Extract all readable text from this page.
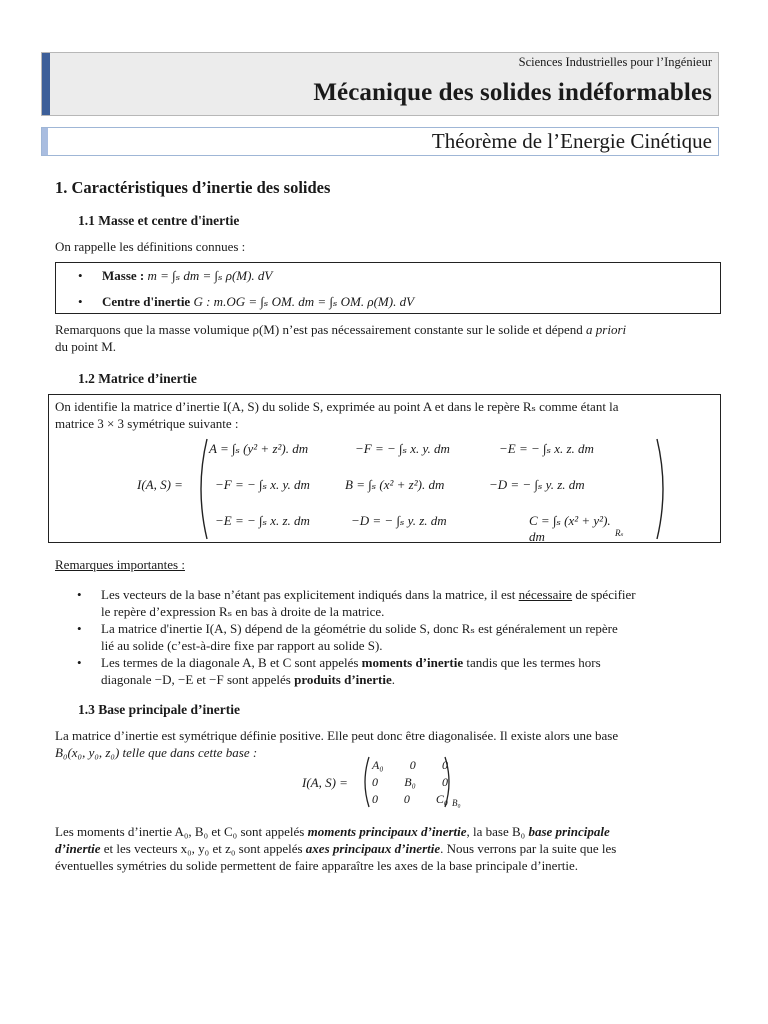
Sciences Industrielles pour l’Ingénieur
Mécanique des solides indéformables
Théorème de l’Energie Cinétique
1. Caractéristiques d’inertie des solides
1.1 Masse et centre d'inertie
On rappelle les définitions connues :
• Masse : m = ∫ₛ dm = ∫ₛ ρ(M). dV
• Centre d'inertie G : m.OG = ∫ₛ OM. dm = ∫ₛ OM. ρ(M). dV
Remarquons que la masse volumique ρ(M) n’est pas nécessairement constante sur le solide et dépend a priori
du point M.
1.2 Matrice d’inertie
On identifie la matrice d’inertie I(A, S) du solide S, exprimée au point A et dans le repère Rₛ comme étant la
matrice 3 × 3 symétrique suivante :
I(A, S) =
Rₛ
A = ∫ₛ (y² + z²). dm	−F = − ∫ₛ x. y. dm	−E = − ∫ₛ x. z. dm
−F = − ∫ₛ x. y. dm	B = ∫ₛ (x² + z²). dm	−D = − ∫ₛ y. z. dm
−E = − ∫ₛ x. z. dm	−D = − ∫ₛ y. z. dm	C = ∫ₛ (x² + y²). dm
Remarques importantes :
• Les vecteurs de la base n’étant pas explicitement indiqués dans la matrice, il est nécessaire de spécifier
le repère d’expression Rₛ en bas à droite de la matrice.
• La matrice d'inertie I(A, S) dépend de la géométrie du solide S, donc Rₛ est généralement un repère
lié au solide (c’est-à-dire fixe par rapport au solide S).
• Les termes de la diagonale A, B et C sont appelés moments d’inertie tandis que les termes hors
diagonale −D, −E et −F sont appelés produits d’inertie.
1.3 Base principale d’inertie
La matrice d’inertie est symétrique définie positive. Elle peut donc être diagonalisée. Il existe alors une base
B₀(x₀, y₀, z₀) telle que dans cette base :
I(A, S) =
A₀ 0 0
0 B₀ 0
0 0 C₀ B₀
Les moments d’inertie A₀, B₀ et C₀ sont appelés moments principaux d’inertie, la base B₀ base principale
d’inertie et les vecteurs x₀, y₀ et z₀ sont appelés axes principaux d’inertie. Nous verrons par la suite que les
éventuelles symétries du solide permettent de faire apparaître les axes de la base principale d’inertie.
